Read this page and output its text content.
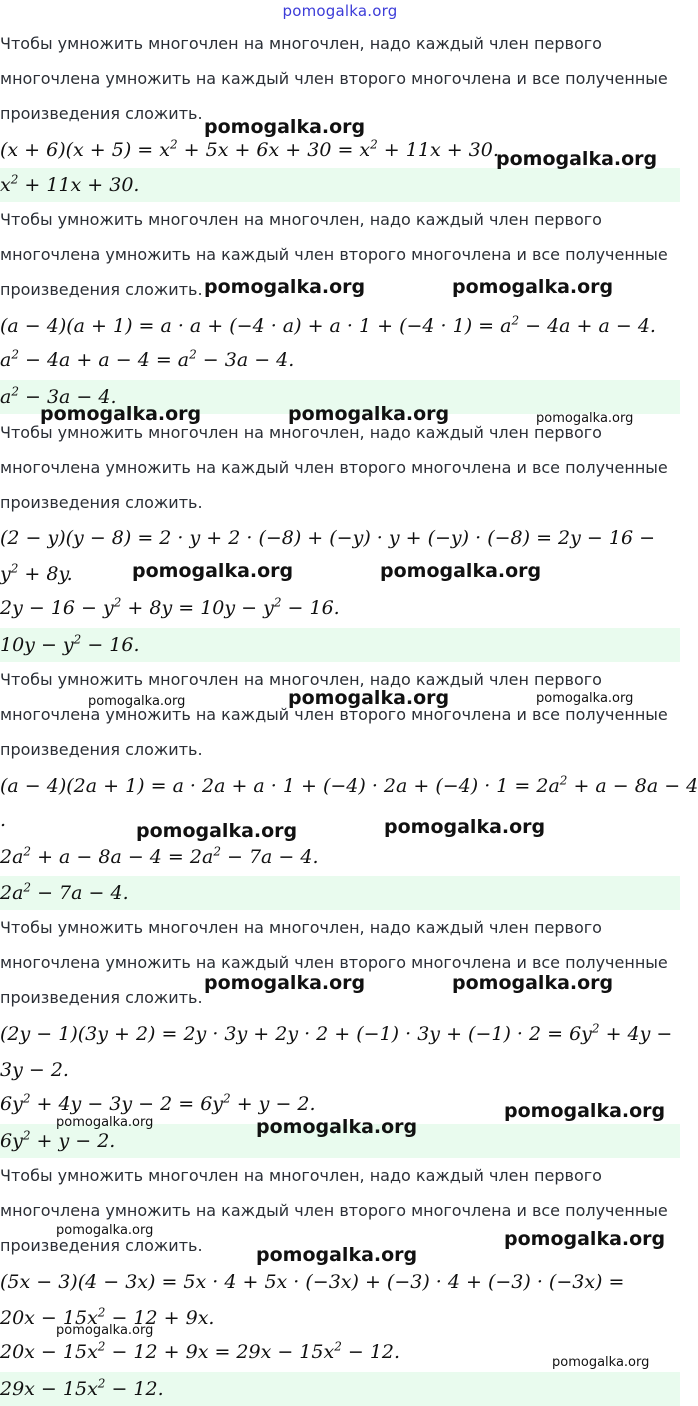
pomogalka.org
Чтобы умножить многочлен на многочлен, надо каждый член первого
многочлена умножить на каждый член второго многочлена и все полученные
произведения сложить.
$(x + 6)(x + 5) = x^2 + 5x + 6x + 30 = x^2 + 11x + 30$.
$x^2 + 11x + 30$.
Чтобы умножить многочлен на многочлен, надо каждый член первого
многочлена умножить на каждый член второго многочлена и все полученные
произведения сложить.
$(a - 4)(a + 1) = a \cdot a + (-4 \cdot a) + a \cdot 1 + (-4 \cdot 1) = a^2 - 4a + a - 4$.
$a^2 - 4a + a - 4 = a^2 - 3a - 4$.
$a^2 - 3a - 4$.
Чтобы умножить многочлен на многочлен, надо каждый член первого
многочлена умножить на каждый член второго многочлена и все полученные
произведения сложить.
(2 − y)(y − 8) = 2 · y + 2 · (−8) + (−y) · y + (−y) · (−8) = 2y − 16 −
$y^2 + 8y$.
$2y - 16 - y^2 + 8y = 10y - y^2 - 16$.
$10y - y^2 - 16$.
Чтобы умножить многочлен на многочлен, надо каждый член первого
многочлена умножить на каждый член второго многочлена и все полученные
произведения сложить.
$(a - 4)(2a + 1) = a \cdot 2a + a \cdot 1 + (-4) \cdot 2a + (-4) \cdot 1 = 2a^2 + a - 8a - 4$
.
$2a^2 + a - 8a - 4 = 2a^2 - 7a - 4$.
$2a^2 - 7a - 4$.
Чтобы умножить многочлен на многочлен, надо каждый член первого
многочлена умножить на каждый член второго многочлена и все полученные
произведения сложить.
$(2y - 1)(3y + 2) = 2y \cdot 3y + 2y \cdot 2 + (-1) \cdot 3y + (-1) \cdot 2 = 6y^2 + 4y$ −
3y − 2.
$6y^2 + 4y - 3y - 2 = 6y^2 + y - 2$.
$6y^2 + y - 2$.
Чтобы умножить многочлен на многочлен, надо каждый член первого
многочлена умножить на каждый член второго многочлена и все полученные
произведения сложить.
(5x − 3)(4 − 3x) = 5x · 4 + 5x · (−3x) + (−3) · 4 + (−3) · (−3x) =
$20x - 15x^2 - 12 + 9x$.
$20x - 15x^2 - 12 + 9x = 29x - 15x^2 - 12$.
$29x - 15x^2 - 12$.
pomogalka.org
pomogalka.org
pomogalka.org	pomogalka.org
pomogalka.org	pomogalka.org	pomogalka.org
pomogalka.org	pomogalka.org
pomogalka.org	pomogalka.org	pomogalka.org
pomogalka.org	pomogalka.org
pomogalka.org	pomogalka.org
pomogalka.org
pomogalka.org	pomogalka.org
pomogalka.org	pomogalka.org
pomogalka.org
pomogalka.org
pomogalka.org
